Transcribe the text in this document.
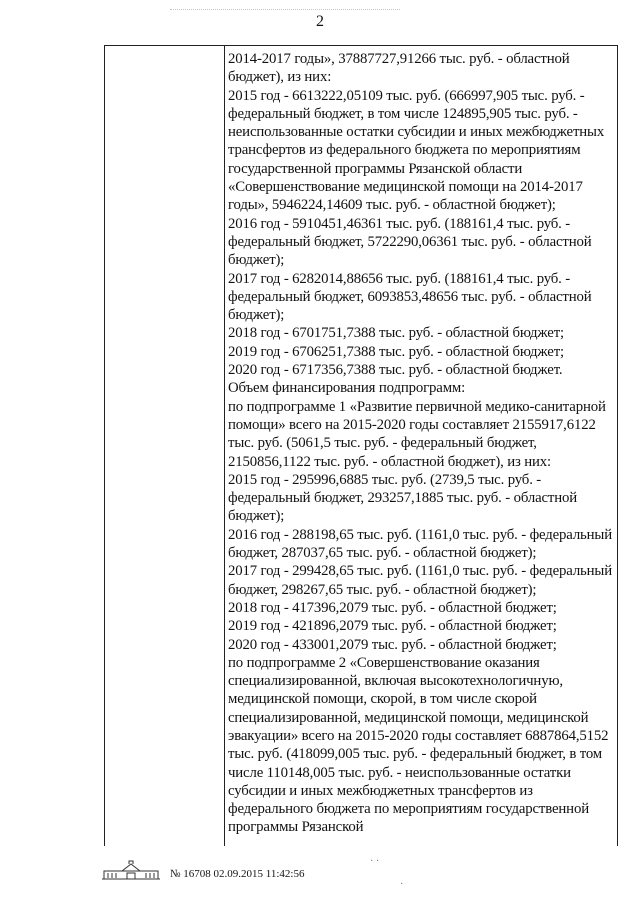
2

2014-2017 годы», 37887727,91266 тыс. руб. - областной бюджет), из них:

2015 год - 6613222,05109 тыс. руб. (666997,905 тыс. руб. - федеральный бюджет, в том числе 124895,905 тыс. руб. - неиспользованные остатки субсидии и иных межбюджетных трансфертов из федерального бюджета по мероприятиям государственной программы Рязанской области «Совершенствование медицинской помощи на 2014-2017 годы», 5946224,14609 тыс. руб. - областной бюджет);

2016 год - 5910451,46361 тыс. руб. (188161,4 тыс. руб. - федеральный бюджет, 5722290,06361 тыс. руб. - областной бюджет);

2017 год - 6282014,88656 тыс. руб. (188161,4 тыс. руб. - федеральный бюджет, 6093853,48656 тыс. руб. - областной бюджет);

2018 год - 6701751,7388 тыс. руб. - областной бюджет;

2019 год - 6706251,7388 тыс. руб. - областной бюджет;

2020 год - 6717356,7388 тыс. руб. - областной бюджет.

Объем финансирования подпрограмм:

по подпрограмме 1 «Развитие первичной медико-санитарной помощи» всего на 2015-2020 годы составляет 2155917,6122 тыс. руб. (5061,5 тыс. руб. - федеральный бюджет, 2150856,1122 тыс. руб. - областной бюджет), из них:

2015 год - 295996,6885 тыс. руб. (2739,5 тыс. руб. - федеральный бюджет, 293257,1885 тыс. руб. - областной бюджет);

2016 год - 288198,65 тыс. руб. (1161,0 тыс. руб. - федеральный бюджет, 287037,65 тыс. руб. - областной бюджет);

2017 год - 299428,65 тыс. руб. (1161,0 тыс. руб. - федеральный бюджет, 298267,65 тыс. руб. - областной бюджет);

2018 год - 417396,2079 тыс. руб. - областной бюджет;

2019 год - 421896,2079 тыс. руб. - областной бюджет;

2020 год - 433001,2079 тыс. руб. - областной бюджет;

по подпрограмме 2 «Совершенствование оказания специализированной, включая высокотехнологичную, медицинской помощи, скорой, в том числе скорой специализированной, медицинской помощи, медицинской эвакуации» всего на 2015-2020 годы составляет 6887864,5152 тыс. руб. (418099,005 тыс. руб. - федеральный бюджет, в том числе 110148,005 тыс. руб. - неиспользованные остатки субсидии и иных межбюджетных трансфертов из федерального бюджета по мероприятиям государственной программы Рязанской

№ 16708 02.09.2015 11:42:56
· ·
·
